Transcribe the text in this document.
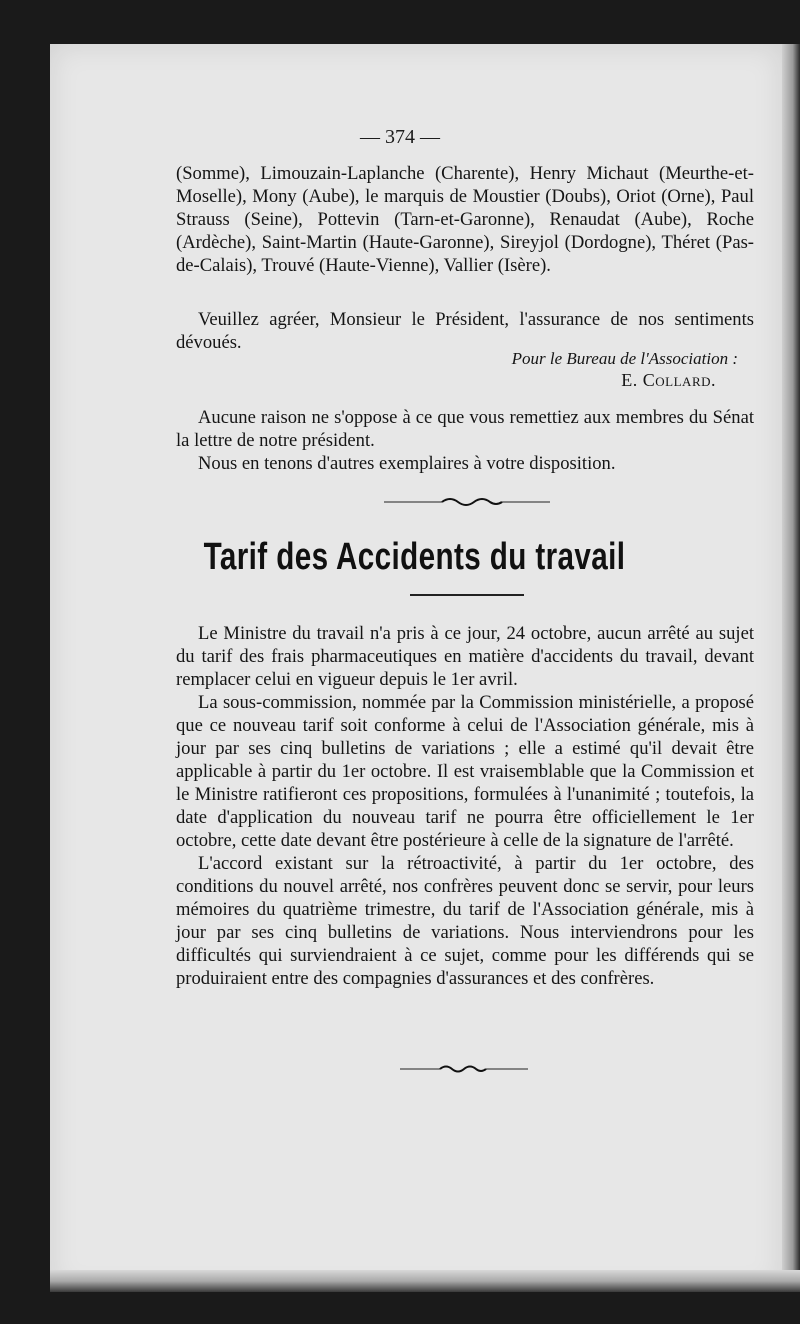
— 374 —

(Somme), Limouzain-Laplanche (Charente), Henry Michaut (Meurthe-et-Moselle), Mony (Aube), le marquis de Moustier (Doubs), Oriot (Orne), Paul Strauss (Seine), Pottevin (Tarn-et-Garonne), Renaudat (Aube), Roche (Ardèche), Saint-Martin (Haute-Garonne), Sireyjol (Dordogne), Théret (Pas-de-Calais), Trouvé (Haute-Vienne), Vallier (Isère).

Veuillez agréer, Monsieur le Président, l'assurance de nos sentiments dévoués.

Pour le Bureau de l'Association :
E. Collard.

Aucune raison ne s'oppose à ce que vous remettiez aux membres du Sénat la lettre de notre président.

Nous en tenons d'autres exemplaires à votre disposition.

Tarif des Accidents du travail

Le Ministre du travail n'a pris à ce jour, 24 octobre, aucun arrêté au sujet du tarif des frais pharmaceutiques en matière d'accidents du travail, devant remplacer celui en vigueur depuis le 1er avril.

La sous-commission, nommée par la Commission ministérielle, a proposé que ce nouveau tarif soit conforme à celui de l'Association générale, mis à jour par ses cinq bulletins de variations ; elle a estimé qu'il devait être applicable à partir du 1er octobre. Il est vraisemblable que la Commission et le Ministre ratifieront ces propositions, formulées à l'unanimité ; toutefois, la date d'application du nouveau tarif ne pourra être officiellement le 1er octobre, cette date devant être postérieure à celle de la signature de l'arrêté.

L'accord existant sur la rétroactivité, à partir du 1er octobre, des conditions du nouvel arrêté, nos confrères peuvent donc se servir, pour leurs mémoires du quatrième trimestre, du tarif de l'Association générale, mis à jour par ses cinq bulletins de variations. Nous interviendrons pour les difficultés qui surviendraient à ce sujet, comme pour les différends qui se produiraient entre des compagnies d'assurances et des confrères.
